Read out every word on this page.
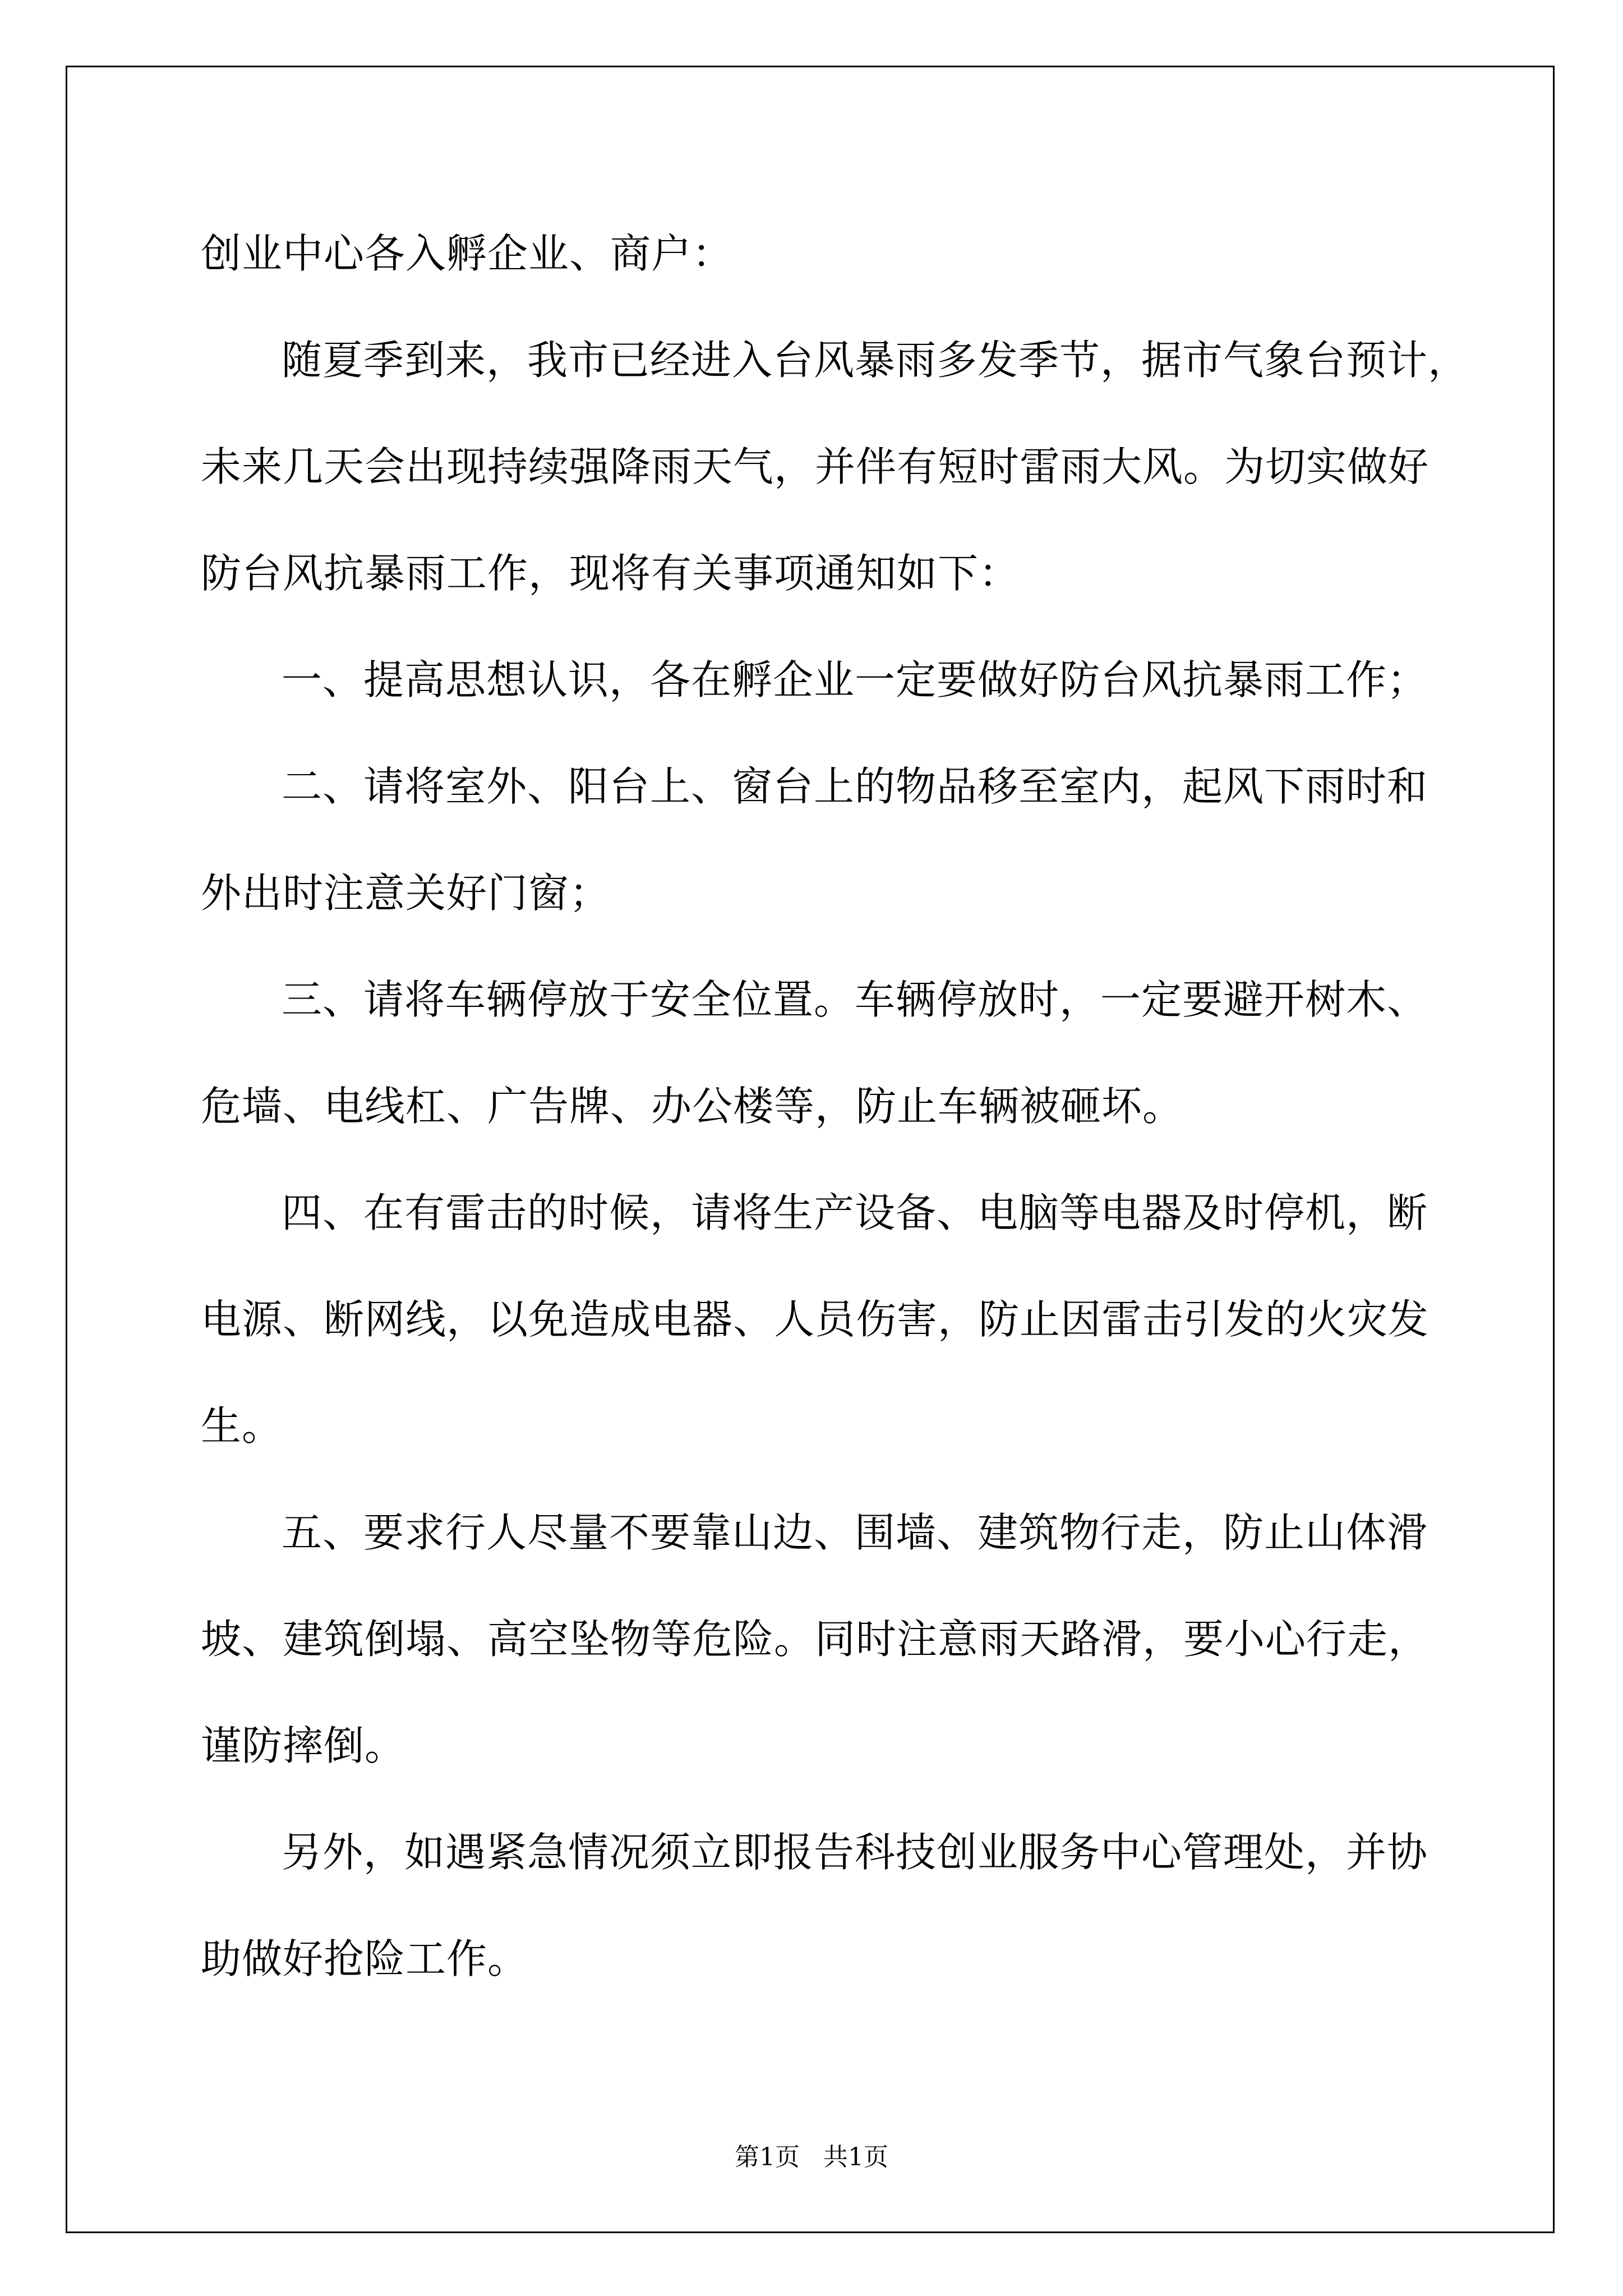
创业中心各入孵企业、商户：
随夏季到来，我市已经进入台风暴雨多发季节，据市气象台预计，
未来几天会出现持续强降雨天气，并伴有短时雷雨大风。为切实做好
防台风抗暴雨工作，现将有关事项通知如下：
一、提高思想认识，各在孵企业一定要做好防台风抗暴雨工作；
二、请将室外、阳台上、窗台上的物品移至室内，起风下雨时和
外出时注意关好门窗；
三、请将车辆停放于安全位置。车辆停放时，一定要避开树木、
危墙、电线杠、广告牌、办公楼等，防止车辆被砸坏。
四、在有雷击的时候，请将生产设备、电脑等电器及时停机，断
电源、断网线，以免造成电器、人员伤害，防止因雷击引发的火灾发
生。
五、要求行人尽量不要靠山边、围墙、建筑物行走，防止山体滑
坡、建筑倒塌、高空坠物等危险。同时注意雨天路滑，要小心行走，
谨防摔倒。
另外，如遇紧急情况须立即报告科技创业服务中心管理处，并协
助做好抢险工作。
第1页   共1页
